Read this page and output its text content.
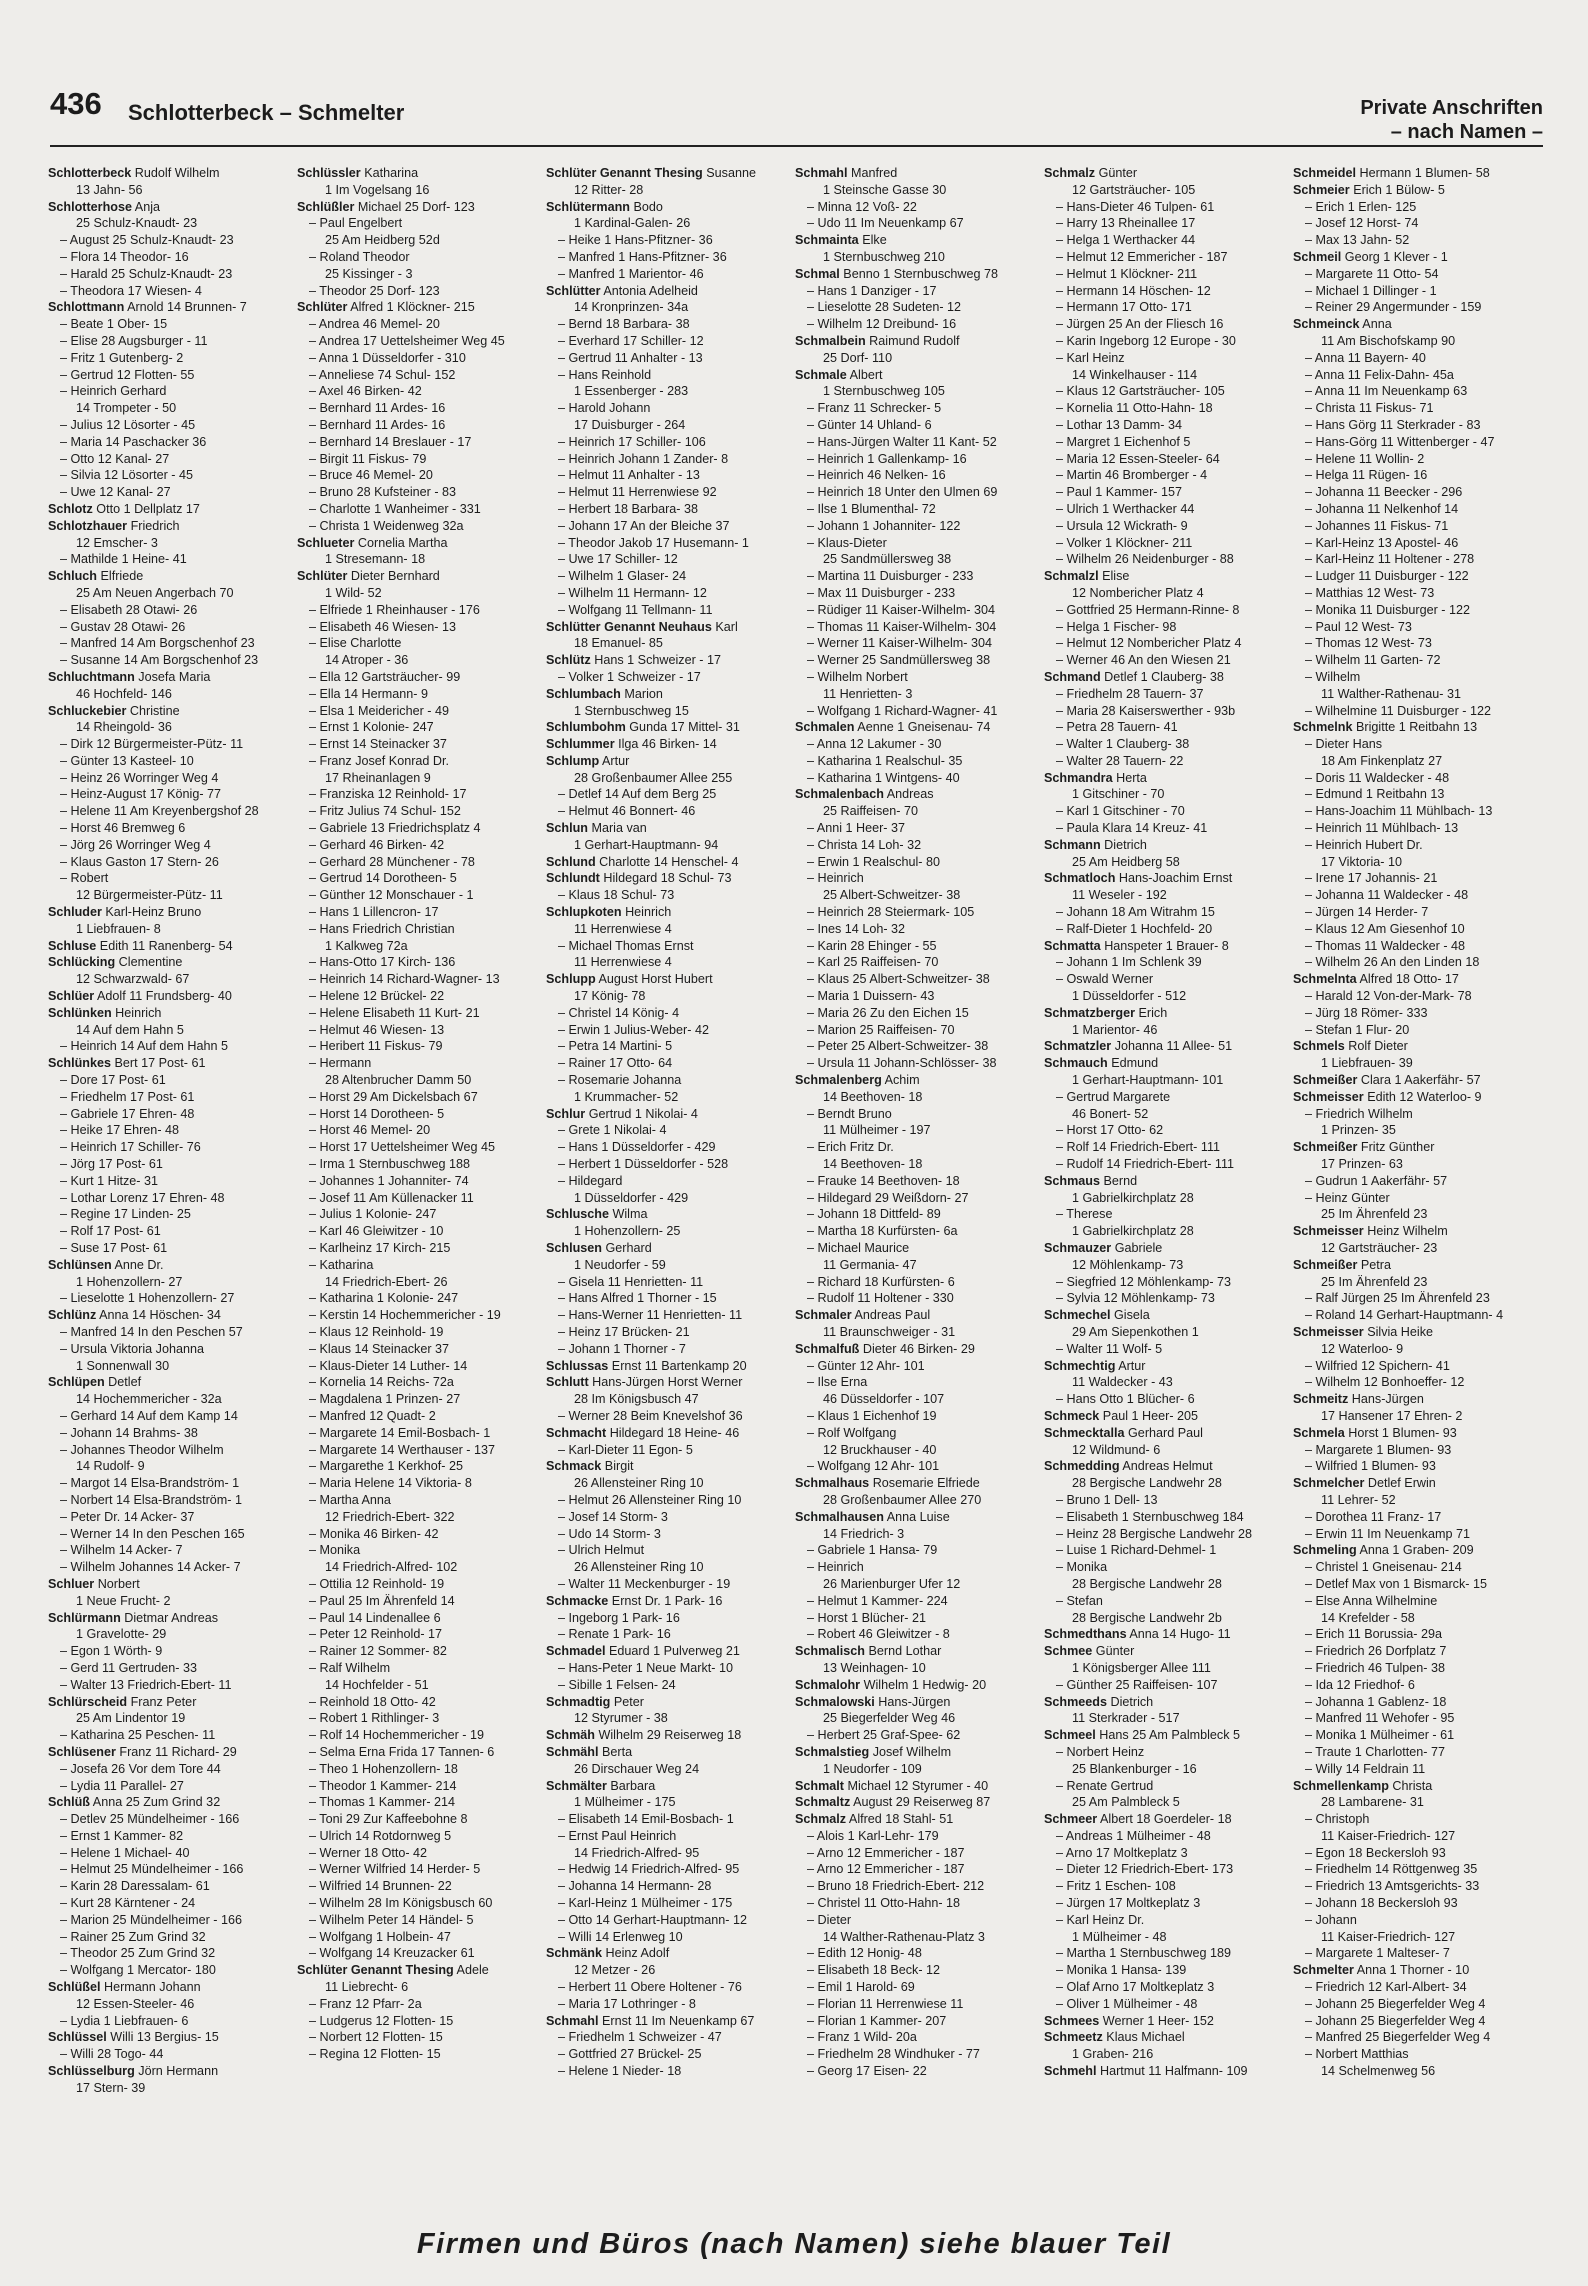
436 Schlotterbeck – Schmelter	Private Anschriften
– nach Namen –
Schlotterbeck Rudolf Wilhelm
13 Jahn- 56
Schlotterhose Anja
25 Schulz-Knaudt- 23
– August 25 Schulz-Knaudt- 23
– Flora 14 Theodor- 16
– Harald 25 Schulz-Knaudt- 23
– Theodora 17 Wiesen- 4
Schlottmann Arnold 14 Brunnen- 7
– Beate 1 Ober- 15
– Elise 28 Augsburger - 11
– Fritz 1 Gutenberg- 2
– Gertrud 12 Flotten- 55
– Heinrich Gerhard
14 Trompeter - 50
– Julius 12 Lösorter - 45
– Maria 14 Paschacker 36
– Otto 12 Kanal- 27
– Silvia 12 Lösorter - 45
– Uwe 12 Kanal- 27
Schlotz Otto 1 Dellplatz 17
Schlotzhauer Friedrich
12 Emscher- 3
– Mathilde 1 Heine- 41
Schluch Elfriede
25 Am Neuen Angerbach 70
– Elisabeth 28 Otawi- 26
– Gustav 28 Otawi- 26
– Manfred 14 Am Borgschenhof 23
– Susanne 14 Am Borgschenhof 23
Schluchtmann Josefa Maria
46 Hochfeld- 146
Schluckebier Christine
14 Rheingold- 36
– Dirk 12 Bürgermeister-Pütz- 11
– Günter 13 Kasteel- 10
– Heinz 26 Worringer Weg 4
– Heinz-August 17 König- 77
– Helene 11 Am Kreyenbergshof 28
– Horst 46 Bremweg 6
– Jörg 26 Worringer Weg 4
– Klaus Gaston 17 Stern- 26
– Robert
12 Bürgermeister-Pütz- 11
Schluder Karl-Heinz Bruno
1 Liebfrauen- 8
Schluse Edith 11 Ranenberg- 54
Schlücking Clementine
12 Schwarzwald- 67
Schlüer Adolf 11 Frundsberg- 40
Schlünken Heinrich
14 Auf dem Hahn 5
– Heinrich 14 Auf dem Hahn 5
Schlünkes Bert 17 Post- 61
– Dore 17 Post- 61
– Friedhelm 17 Post- 61
– Gabriele 17 Ehren- 48
– Heike 17 Ehren- 48
– Heinrich 17 Schiller- 76
– Jörg 17 Post- 61
– Kurt 1 Hitze- 31
– Lothar Lorenz 17 Ehren- 48
– Regine 17 Linden- 25
– Rolf 17 Post- 61
– Suse 17 Post- 61
Schlünsen Anne Dr.
1 Hohenzollern- 27
– Lieselotte 1 Hohenzollern- 27
Schlünz Anna 14 Höschen- 34
– Manfred 14 In den Peschen 57
– Ursula Viktoria Johanna
1 Sonnenwall 30
Schlüpen Detlef
14 Hochemmericher - 32a
– Gerhard 14 Auf dem Kamp 14
– Johann 14 Brahms- 38
– Johannes Theodor Wilhelm
14 Rudolf- 9
– Margot 14 Elsa-Brandström- 1
– Norbert 14 Elsa-Brandström- 1
– Peter Dr. 14 Acker- 37
– Werner 14 In den Peschen 165
– Wilhelm 14 Acker- 7
– Wilhelm Johannes 14 Acker- 7
Schluer Norbert
1 Neue Frucht- 2
Schlürmann Dietmar Andreas
1 Gravelotte- 29
– Egon 1 Wörth- 9
– Gerd 11 Gertruden- 33
– Walter 13 Friedrich-Ebert- 11
Schlürscheid Franz Peter
25 Am Lindentor 19
– Katharina 25 Peschen- 11
Schlüsener Franz 11 Richard- 29
– Josefa 26 Vor dem Tore 44
– Lydia 11 Parallel- 27
Schlüß Anna 25 Zum Grind 32
– Detlev 25 Mündelheimer - 166
– Ernst 1 Kammer- 82
– Helene 1 Michael- 40
– Helmut 25 Mündelheimer - 166
– Karin 28 Daressalam- 61
– Kurt 28 Kärntener - 24
– Marion 25 Mündelheimer - 166
– Rainer 25 Zum Grind 32
– Theodor 25 Zum Grind 32
– Wolfgang 1 Mercator- 180
Schlüßel Hermann Johann
12 Essen-Steeler- 46
– Lydia 1 Liebfrauen- 6
Schlüssel Willi 13 Bergius- 15
– Willi 28 Togo- 44
Schlüsselburg Jörn Hermann
17 Stern- 39
Schlüssler Katharina
1 Im Vogelsang 16
Schlüßler Michael 25 Dorf- 123
– Paul Engelbert
25 Am Heidberg 52d
– Roland Theodor
25 Kissinger - 3
– Theodor 25 Dorf- 123
Schlüter Alfred 1 Klöckner- 215
– Andrea 46 Memel- 20
– Andrea 17 Uettelsheimer Weg 45
– Anna 1 Düsseldorfer - 310
– Anneliese 74 Schul- 152
– Axel 46 Birken- 42
– Bernhard 11 Ardes- 16
– Bernhard 11 Ardes- 16
– Bernhard 14 Breslauer - 17
– Birgit 11 Fiskus- 79
– Bruce 46 Memel- 20
– Bruno 28 Kufsteiner - 83
– Charlotte 1 Wanheimer - 331
– Christa 1 Weidenweg 32a
Schlueter Cornelia Martha
1 Stresemann- 18
Schlüter Dieter Bernhard
1 Wild- 52
– Elfriede 1 Rheinhauser - 176
– Elisabeth 46 Wiesen- 13
– Elise Charlotte
14 Atroper - 36
– Ella 12 Gartsträucher- 99
– Ella 14 Hermann- 9
– Elsa 1 Meidericher - 49
– Ernst 1 Kolonie- 247
– Ernst 14 Steinacker 37
– Franz Josef Konrad Dr.
17 Rheinanlagen 9
– Franziska 12 Reinhold- 17
– Fritz Julius 74 Schul- 152
– Gabriele 13 Friedrichsplatz 4
– Gerhard 46 Birken- 42
– Gerhard 28 Münchener - 78
– Gertrud 14 Dorotheen- 5
– Günther 12 Monschauer - 1
– Hans 1 Lillencron- 17
– Hans Friedrich Christian
1 Kalkweg 72a
– Hans-Otto 17 Kirch- 136
– Heinrich 14 Richard-Wagner- 13
– Helene 12 Brückel- 22
– Helene Elisabeth 11 Kurt- 21
– Helmut 46 Wiesen- 13
– Heribert 11 Fiskus- 79
– Hermann
28 Altenbrucher Damm 50
– Horst 29 Am Dickelsbach 67
– Horst 14 Dorotheen- 5
– Horst 46 Memel- 20
– Horst 17 Uettelsheimer Weg 45
– Irma 1 Sternbuschweg 188
– Johannes 1 Johanniter- 74
– Josef 11 Am Küllenacker 11
– Julius 1 Kolonie- 247
– Karl 46 Gleiwitzer - 10
– Karlheinz 17 Kirch- 215
– Katharina
14 Friedrich-Ebert- 26
– Katharina 1 Kolonie- 247
– Kerstin 14 Hochemmericher - 19
– Klaus 12 Reinhold- 19
– Klaus 14 Steinacker 37
– Klaus-Dieter 14 Luther- 14
– Kornelia 14 Reichs- 72a
– Magdalena 1 Prinzen- 27
– Manfred 12 Quadt- 2
– Margarete 14 Emil-Bosbach- 1
– Margarete 14 Werthauser - 137
– Margarethe 1 Kerkhof- 25
– Maria Helene 14 Viktoria- 8
– Martha Anna
12 Friedrich-Ebert- 322
– Monika 46 Birken- 42
– Monika
14 Friedrich-Alfred- 102
– Ottilia 12 Reinhold- 19
– Paul 25 Im Ährenfeld 14
– Paul 14 Lindenallee 6
– Peter 12 Reinhold- 17
– Rainer 12 Sommer- 82
– Ralf Wilhelm
14 Hochfelder - 51
– Reinhold 18 Otto- 42
– Robert 1 Rithlinger- 3
– Rolf 14 Hochemmericher - 19
– Selma Erna Frida 17 Tannen- 6
– Theo 1 Hohenzollern- 18
– Theodor 1 Kammer- 214
– Thomas 1 Kammer- 214
– Toni 29 Zur Kaffeebohne 8
– Ulrich 14 Rotdornweg 5
– Werner 18 Otto- 42
– Werner Wilfried 14 Herder- 5
– Wilfried 14 Brunnen- 22
– Wilhelm 28 Im Königsbusch 60
– Wilhelm Peter 14 Händel- 5
– Wolfgang 1 Holbein- 47
– Wolfgang 14 Kreuzacker 61
Schlüter Genannt Thesing Adele
11 Liebrecht- 6
– Franz 12 Pfarr- 2a
– Ludgerus 12 Flotten- 15
– Norbert 12 Flotten- 15
– Regina 12 Flotten- 15
Schlüter Genannt Thesing Susanne
12 Ritter- 28
Schlütermann Bodo
1 Kardinal-Galen- 26
– Heike 1 Hans-Pfitzner- 36
– Manfred 1 Hans-Pfitzner- 36
– Manfred 1 Marientor- 46
Schlütter Antonia Adelheid
14 Kronprinzen- 34a
– Bernd 18 Barbara- 38
– Everhard 17 Schiller- 12
– Gertrud 11 Anhalter - 13
– Hans Reinhold
1 Essenberger - 283
– Harold Johann
17 Duisburger - 264
– Heinrich 17 Schiller- 106
– Heinrich Johann 1 Zander- 8
– Helmut 11 Anhalter - 13
– Helmut 11 Herrenwiese 92
– Herbert 18 Barbara- 38
– Johann 17 An der Bleiche 37
– Theodor Jakob 17 Husemann- 1
– Uwe 17 Schiller- 12
– Wilhelm 1 Glaser- 24
– Wilhelm 11 Hermann- 12
– Wolfgang 11 Tellmann- 11
Schlütter Genannt Neuhaus Karl
18 Emanuel- 85
Schlütz Hans 1 Schweizer - 17
– Volker 1 Schweizer - 17
Schlumbach Marion
1 Sternbuschweg 15
Schlumbohm Gunda 17 Mittel- 31
Schlummer Ilga 46 Birken- 14
Schlump Artur
28 Großenbaumer Allee 255
– Detlef 14 Auf dem Berg 25
– Helmut 46 Bonnert- 46
Schlun Maria van
1 Gerhart-Hauptmann- 94
Schlund Charlotte 14 Henschel- 4
Schlundt Hildegard 18 Schul- 73
– Klaus 18 Schul- 73
Schlupkoten Heinrich
11 Herrenwiese 4
– Michael Thomas Ernst
11 Herrenwiese 4
Schlupp August Horst Hubert
17 König- 78
– Christel 14 König- 4
– Erwin 1 Julius-Weber- 42
– Petra 14 Martini- 5
– Rainer 17 Otto- 64
– Rosemarie Johanna
1 Krummacher- 52
Schlur Gertrud 1 Nikolai- 4
– Grete 1 Nikolai- 4
– Hans 1 Düsseldorfer - 429
– Herbert 1 Düsseldorfer - 528
– Hildegard
1 Düsseldorfer - 429
Schlusche Wilma
1 Hohenzollern- 25
Schlusen Gerhard
1 Neudorfer - 59
– Gisela 11 Henrietten- 11
– Hans Alfred 1 Thorner - 15
– Hans-Werner 11 Henrietten- 11
– Heinz 17 Brücken- 21
– Johann 1 Thorner - 7
Schlussas Ernst 11 Bartenkamp 20
Schlutt Hans-Jürgen Horst Werner
28 Im Königsbusch 47
– Werner 28 Beim Knevelshof 36
Schmacht Hildegard 18 Heine- 46
– Karl-Dieter 11 Egon- 5
Schmack Birgit
26 Allensteiner Ring 10
– Helmut 26 Allensteiner Ring 10
– Josef 14 Storm- 3
– Udo 14 Storm- 3
– Ulrich Helmut
26 Allensteiner Ring 10
– Walter 11 Meckenburger - 19
Schmacke Ernst Dr. 1 Park- 16
– Ingeborg 1 Park- 16
– Renate 1 Park- 16
Schmadel Eduard 1 Pulverweg 21
– Hans-Peter 1 Neue Markt- 10
– Sibille 1 Felsen- 24
Schmadtig Peter
12 Styrumer - 38
Schmäh Wilhelm 29 Reiserweg 18
Schmähl Berta
26 Dirschauer Weg 24
Schmälter Barbara
1 Mülheimer - 175
– Elisabeth 14 Emil-Bosbach- 1
– Ernst Paul Heinrich
14 Friedrich-Alfred- 95
– Hedwig 14 Friedrich-Alfred- 95
– Johanna 14 Hermann- 28
– Karl-Heinz 1 Mülheimer - 175
– Otto 14 Gerhart-Hauptmann- 12
– Willi 14 Erlenweg 10
Schmänk Heinz Adolf
12 Metzer - 26
– Herbert 11 Obere Holtener - 76
– Maria 17 Lothringer - 8
Schmahl Ernst 11 Im Neuenkamp 67
– Friedhelm 1 Schweizer - 47
– Gottfried 27 Brückel- 25
– Helene 1 Nieder- 18
Schmahl Manfred
1 Steinsche Gasse 30
– Minna 12 Voß- 22
– Udo 11 Im Neuenkamp 67
Schmainta Elke
1 Sternbuschweg 210
Schmal Benno 1 Sternbuschweg 78
– Hans 1 Danziger - 17
– Lieselotte 28 Sudeten- 12
– Wilhelm 12 Dreibund- 16
Schmalbein Raimund Rudolf
25 Dorf- 110
Schmale Albert
1 Sternbuschweg 105
– Franz 11 Schrecker- 5
– Günter 14 Uhland- 6
– Hans-Jürgen Walter 11 Kant- 52
– Heinrich 1 Gallenkamp- 16
– Heinrich 46 Nelken- 16
– Heinrich 18 Unter den Ulmen 69
– Ilse 1 Blumenthal- 72
– Johann 1 Johanniter- 122
– Klaus-Dieter
25 Sandmüllersweg 38
– Martina 11 Duisburger - 233
– Max 11 Duisburger - 233
– Rüdiger 11 Kaiser-Wilhelm- 304
– Thomas 11 Kaiser-Wilhelm- 304
– Werner 11 Kaiser-Wilhelm- 304
– Werner 25 Sandmüllersweg 38
– Wilhelm Norbert
11 Henrietten- 3
– Wolfgang 1 Richard-Wagner- 41
Schmalen Aenne 1 Gneisenau- 74
– Anna 12 Lakumer - 30
– Katharina 1 Realschul- 35
– Katharina 1 Wintgens- 40
Schmalenbach Andreas
25 Raiffeisen- 70
– Anni 1 Heer- 37
– Christa 14 Loh- 32
– Erwin 1 Realschul- 80
– Heinrich
25 Albert-Schweitzer- 38
– Heinrich 28 Steiermark- 105
– Ines 14 Loh- 32
– Karin 28 Ehinger - 55
– Karl 25 Raiffeisen- 70
– Klaus 25 Albert-Schweitzer- 38
– Maria 1 Duissern- 43
– Maria 26 Zu den Eichen 15
– Marion 25 Raiffeisen- 70
– Peter 25 Albert-Schweitzer- 38
– Ursula 11 Johann-Schlösser- 38
Schmalenberg Achim
14 Beethoven- 18
– Berndt Bruno
11 Mülheimer - 197
– Erich Fritz Dr.
14 Beethoven- 18
– Frauke 14 Beethoven- 18
– Hildegard 29 Weißdorn- 27
– Johann 18 Dittfeld- 89
– Martha 18 Kurfürsten- 6a
– Michael Maurice
11 Germania- 47
– Richard 18 Kurfürsten- 6
– Rudolf 11 Holtener - 330
Schmaler Andreas Paul
11 Braunschweiger - 31
Schmalfuß Dieter 46 Birken- 29
– Günter 12 Ahr- 101
– Ilse Erna
46 Düsseldorfer - 107
– Klaus 1 Eichenhof 19
– Rolf Wolfgang
12 Bruckhauser - 40
– Wolfgang 12 Ahr- 101
Schmalhaus Rosemarie Elfriede
28 Großenbaumer Allee 270
Schmalhausen Anna Luise
14 Friedrich- 3
– Gabriele 1 Hansa- 79
– Heinrich
26 Marienburger Ufer 12
– Helmut 1 Kammer- 224
– Horst 1 Blücher- 21
– Robert 46 Gleiwitzer - 8
Schmalisch Bernd Lothar
13 Weinhagen- 10
Schmalohr Wilhelm 1 Hedwig- 20
Schmalowski Hans-Jürgen
25 Biegerfelder Weg 46
– Herbert 25 Graf-Spee- 62
Schmalstieg Josef Wilhelm
1 Neudorfer - 109
Schmalt Michael 12 Styrumer - 40
Schmaltz August 29 Reiserweg 87
Schmalz Alfred 18 Stahl- 51
– Alois 1 Karl-Lehr- 179
– Arno 12 Emmericher - 187
– Arno 12 Emmericher - 187
– Bruno 18 Friedrich-Ebert- 212
– Christel 11 Otto-Hahn- 18
– Dieter
14 Walther-Rathenau-Platz 3
– Edith 12 Honig- 48
– Elisabeth 18 Beck- 12
– Emil 1 Harold- 69
– Florian 11 Herrenwiese 11
– Florian 1 Kammer- 207
– Franz 1 Wild- 20a
– Friedhelm 28 Windhuker - 77
– Georg 17 Eisen- 22
Schmalz Günter
12 Gartsträucher- 105
– Hans-Dieter 46 Tulpen- 61
– Harry 13 Rheinallee 17
– Helga 1 Werthacker 44
– Helmut 12 Emmericher - 187
– Helmut 1 Klöckner- 211
– Hermann 14 Höschen- 12
– Hermann 17 Otto- 171
– Jürgen 25 An der Fliesch 16
– Karin Ingeborg 12 Europe - 30
– Karl Heinz
14 Winkelhauser - 114
– Klaus 12 Gartsträucher- 105
– Kornelia 11 Otto-Hahn- 18
– Lothar 13 Damm- 34
– Margret 1 Eichenhof 5
– Maria 12 Essen-Steeler- 64
– Martin 46 Bromberger - 4
– Paul 1 Kammer- 157
– Ulrich 1 Werthacker 44
– Ursula 12 Wickrath- 9
– Volker 1 Klöckner- 211
– Wilhelm 26 Neidenburger - 88
Schmalzl Elise
12 Nombericher Platz 4
– Gottfried 25 Hermann-Rinne- 8
– Helga 1 Fischer- 98
– Helmut 12 Nombericher Platz 4
– Werner 46 An den Wiesen 21
Schmand Detlef 1 Clauberg- 38
– Friedhelm 28 Tauern- 37
– Maria 28 Kaiserswerther - 93b
– Petra 28 Tauern- 41
– Walter 1 Clauberg- 38
– Walter 28 Tauern- 22
Schmandra Herta
1 Gitschiner - 70
– Karl 1 Gitschiner - 70
– Paula Klara 14 Kreuz- 41
Schmann Dietrich
25 Am Heidberg 58
Schmatloch Hans-Joachim Ernst
11 Weseler - 192
– Johann 18 Am Witrahm 15
– Ralf-Dieter 1 Hochfeld- 20
Schmatta Hanspeter 1 Brauer- 8
– Johann 1 Im Schlenk 39
– Oswald Werner
1 Düsseldorfer - 512
Schmatzberger Erich
1 Marientor- 46
Schmatzler Johanna 11 Allee- 51
Schmauch Edmund
1 Gerhart-Hauptmann- 101
– Gertrud Margarete
46 Bonert- 52
– Horst 17 Otto- 62
– Rolf 14 Friedrich-Ebert- 111
– Rudolf 14 Friedrich-Ebert- 111
Schmaus Bernd
1 Gabrielkirchplatz 28
– Therese
1 Gabrielkirchplatz 28
Schmauzer Gabriele
12 Möhlenkamp- 73
– Siegfried 12 Möhlenkamp- 73
– Sylvia 12 Möhlenkamp- 73
Schmechel Gisela
29 Am Siepenkothen 1
– Walter 11 Wolf- 5
Schmechtig Artur
11 Waldecker - 43
– Hans Otto 1 Blücher- 6
Schmeck Paul 1 Heer- 205
Schmecktalla Gerhard Paul
12 Wildmund- 6
Schmedding Andreas Helmut
28 Bergische Landwehr 28
– Bruno 1 Dell- 13
– Elisabeth 1 Sternbuschweg 184
– Heinz 28 Bergische Landwehr 28
– Luise 1 Richard-Dehmel- 1
– Monika
28 Bergische Landwehr 28
– Stefan
28 Bergische Landwehr 2b
Schmedthans Anna 14 Hugo- 11
Schmee Günter
1 Königsberger Allee 111
– Günther 25 Raiffeisen- 107
Schmeeds Dietrich
11 Sterkrader - 517
Schmeel Hans 25 Am Palmbleck 5
– Norbert Heinz
25 Blankenburger - 16
– Renate Gertrud
25 Am Palmbleck 5
Schmeer Albert 18 Goerdeler- 18
– Andreas 1 Mülheimer - 48
– Arno 17 Moltkeplatz 3
– Dieter 12 Friedrich-Ebert- 173
– Fritz 1 Eschen- 108
– Jürgen 17 Moltkeplatz 3
– Karl Heinz Dr.
1 Mülheimer - 48
– Martha 1 Sternbuschweg 189
– Monika 1 Hansa- 139
– Olaf Arno 17 Moltkeplatz 3
– Oliver 1 Mülheimer - 48
Schmees Werner 1 Heer- 152
Schmeetz Klaus Michael
1 Graben- 216
Schmehl Hartmut 11 Halfmann- 109
Schmeidel Hermann 1 Blumen- 58
Schmeier Erich 1 Bülow- 5
– Erich 1 Erlen- 125
– Josef 12 Horst- 74
– Max 13 Jahn- 52
Schmeil Georg 1 Klever - 1
– Margarete 11 Otto- 54
– Michael 1 Dillinger - 1
– Reiner 29 Angermunder - 159
Schmeinck Anna
11 Am Bischofskamp 90
– Anna 11 Bayern- 40
– Anna 11 Felix-Dahn- 45a
– Anna 11 Im Neuenkamp 63
– Christa 11 Fiskus- 71
– Hans Görg 11 Sterkrader - 83
– Hans-Görg 11 Wittenberger - 47
– Helene 11 Wollin- 2
– Helga 11 Rügen- 16
– Johanna 11 Beecker - 296
– Johanna 11 Nelkenhof 14
– Johannes 11 Fiskus- 71
– Karl-Heinz 13 Apostel- 46
– Karl-Heinz 11 Holtener - 278
– Ludger 11 Duisburger - 122
– Matthias 12 West- 73
– Monika 11 Duisburger - 122
– Paul 12 West- 73
– Thomas 12 West- 73
– Wilhelm 11 Garten- 72
– Wilhelm
11 Walther-Rathenau- 31
– Wilhelmine 11 Duisburger - 122
Schmelnk Brigitte 1 Reitbahn 13
– Dieter Hans
18 Am Finkenplatz 27
– Doris 11 Waldecker - 48
– Edmund 1 Reitbahn 13
– Hans-Joachim 11 Mühlbach- 13
– Heinrich 11 Mühlbach- 13
– Heinrich Hubert Dr.
17 Viktoria- 10
– Irene 17 Johannis- 21
– Johanna 11 Waldecker - 48
– Jürgen 14 Herder- 7
– Klaus 12 Am Giesenhof 10
– Thomas 11 Waldecker - 48
– Wilhelm 26 An den Linden 18
Schmelnta Alfred 18 Otto- 17
– Harald 12 Von-der-Mark- 78
– Jürg 18 Römer- 333
– Stefan 1 Flur- 20
Schmels Rolf Dieter
1 Liebfrauen- 39
Schmeißer Clara 1 Aakerfähr- 57
Schmeisser Edith 12 Waterloo- 9
– Friedrich Wilhelm
1 Prinzen- 35
Schmeißer Fritz Günther
17 Prinzen- 63
– Gudrun 1 Aakerfähr- 57
– Heinz Günter
25 Im Ährenfeld 23
Schmeisser Heinz Wilhelm
12 Gartsträucher- 23
Schmeißer Petra
25 Im Ährenfeld 23
– Ralf Jürgen 25 Im Ährenfeld 23
– Roland 14 Gerhart-Hauptmann- 4
Schmeisser Silvia Heike
12 Waterloo- 9
– Wilfried 12 Spichern- 41
– Wilhelm 12 Bonhoeffer- 12
Schmeitz Hans-Jürgen
17 Hansener 17 Ehren- 2
Schmela Horst 1 Blumen- 93
– Margarete 1 Blumen- 93
– Wilfried 1 Blumen- 93
Schmelcher Detlef Erwin
11 Lehrer- 52
– Dorothea 11 Franz- 17
– Erwin 11 Im Neuenkamp 71
Schmeling Anna 1 Graben- 209
– Christel 1 Gneisenau- 214
– Detlef Max von 1 Bismarck- 15
– Else Anna Wilhelmine
14 Krefelder - 58
– Erich 11 Borussia- 29a
– Friedrich 26 Dorfplatz 7
– Friedrich 46 Tulpen- 38
– Ida 12 Friedhof- 6
– Johanna 1 Gablenz- 18
– Manfred 11 Wehofer - 95
– Monika 1 Mülheimer - 61
– Traute 1 Charlotten- 77
– Willy 14 Feldrain 11
Schmellenkamp Christa
28 Lambarene- 31
– Christoph
11 Kaiser-Friedrich- 127
– Egon 18 Beckersloh 93
– Friedhelm 14 Röttgenweg 35
– Friedrich 13 Amtsgerichts- 33
– Johann 18 Beckersloh 93
– Johann
11 Kaiser-Friedrich- 127
– Margarete 1 Malteser- 7
Schmelter Anna 1 Thorner - 10
– Friedrich 12 Karl-Albert- 34
– Johann 25 Biegerfelder Weg 4
– Johann 25 Biegerfelder Weg 4
– Manfred 25 Biegerfelder Weg 4
– Norbert Matthias
14 Schelmenweg 56
Firmen und Büros (nach Namen) siehe blauer Teil
